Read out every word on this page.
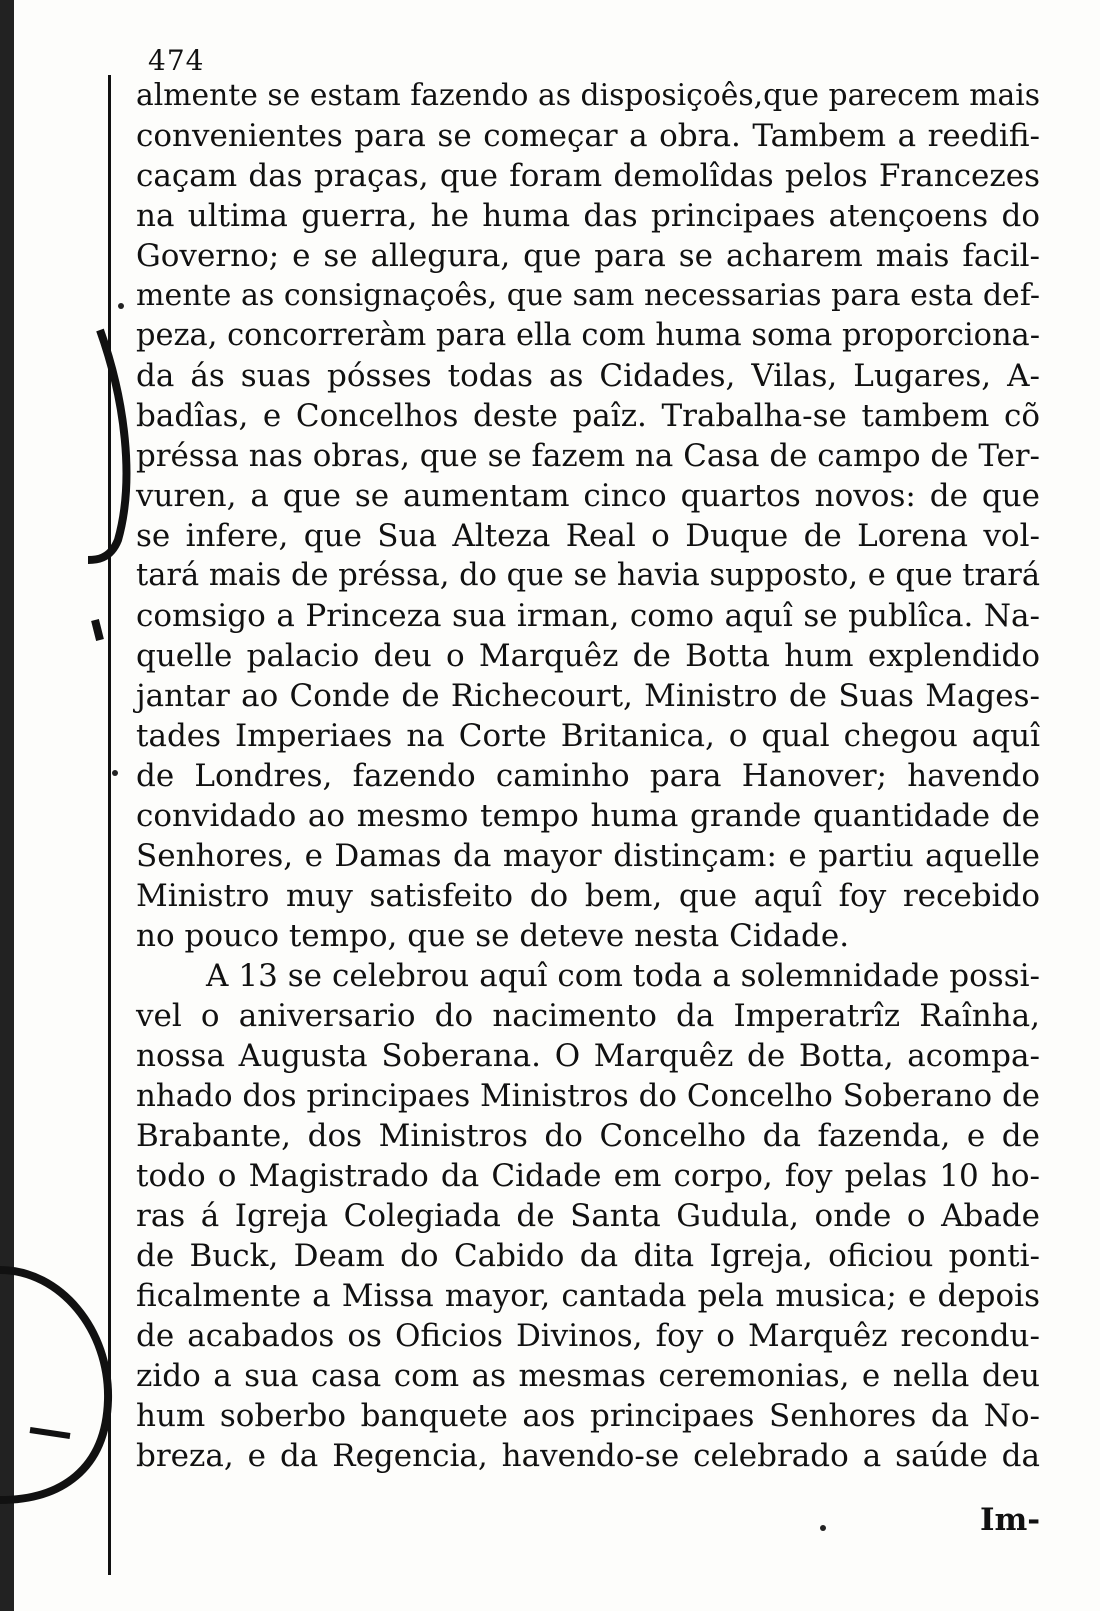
474
almente se estam fazendo as disposiçoês,que parecem mais
convenientes para se começar a obra. Tambem a reedifi-
caçam das praças, que foram demolîdas pelos Francezes
na ultima guerra, he huma das principaes atençoens do
Governo; e se allegura, que para se acharem mais facil-
mente as consignaçoês, que sam necessarias para esta def-
peza, concorreràm para ella com huma soma proporciona-
da ás suas pósses todas as Cidades, Vilas, Lugares, A-
badîas, e Concelhos deste paîz. Trabalha-se tambem cõ
préssa nas obras, que se fazem na Casa de campo de Ter-
vuren, a que se aumentam cinco quartos novos: de que
se infere, que Sua Alteza Real o Duque de Lorena vol-
tará mais de préssa, do que se havia supposto, e que trará
comsigo a Princeza sua irman, como aquî se publîca. Na-
quelle palacio deu o Marquêz de Botta hum explendido
jantar ao Conde de Richecourt, Ministro de Suas Mages-
tades Imperiaes na Corte Britanica, o qual chegou aquî
de Londres, fazendo caminho para Hanover; havendo
convidado ao mesmo tempo huma grande quantidade de
Senhores, e Damas da mayor distinçam: e partiu aquelle
Ministro muy satisfeito do bem, que aquî foy recebido
no pouco tempo, que se deteve nesta Cidade.
A 13 se celebrou aquî com toda a solemnidade possi-
vel o aniversario do nacimento da Imperatrîz Raînha,
nossa Augusta Soberana. O Marquêz de Botta, acompa-
nhado dos principaes Ministros do Concelho Soberano de
Brabante, dos Ministros do Concelho da fazenda, e de
todo o Magistrado da Cidade em corpo, foy pelas 10 ho-
ras á Igreja Colegiada de Santa Gudula, onde o Abade
de Buck, Deam do Cabido da dita Igreja, oficiou ponti-
ficalmente a Missa mayor, cantada pela musica; e depois
de acabados os Oficios Divinos, foy o Marquêz recondu-
zido a sua casa com as mesmas ceremonias, e nella deu
hum soberbo banquete aos principaes Senhores da No-
breza, e da Regencia, havendo-se celebrado a saúde da
Im-
